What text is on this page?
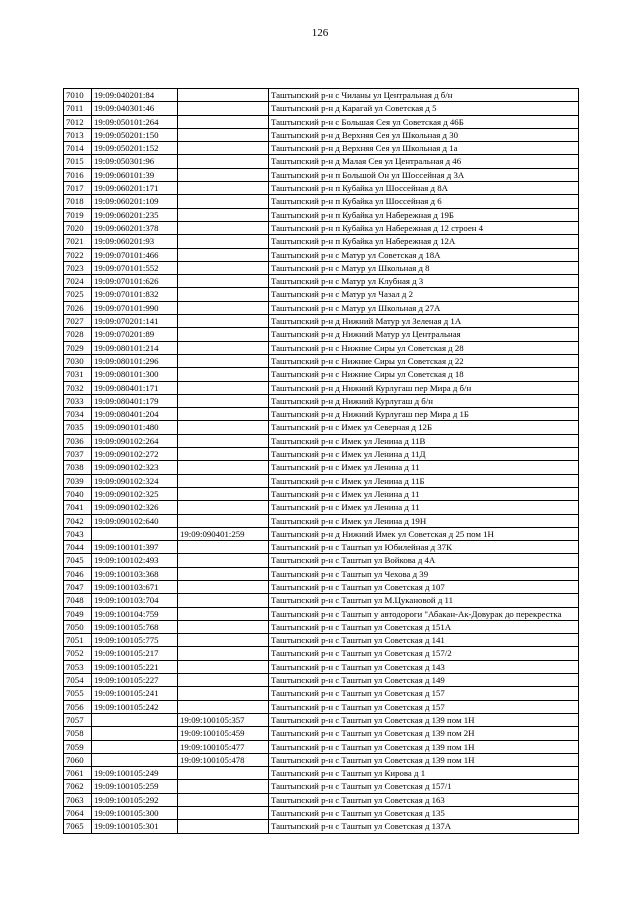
126
7010	19:09:040201:84		Таштыпский р-н с Чиланы ул Центральная д б/н
7011	19:09:040301:46		Таштыпский р-н д Карагай ул Советская д 5
7012	19:09:050101:264		Таштыпский р-н с Большая Сея ул Советская д 46Б
7013	19:09:050201:150		Таштыпский р-н д Верхняя Сея ул Школьная д 30
7014	19:09:050201:152		Таштыпский р-н д Верхняя Сея ул Школьная д 1а
7015	19:09:050301:96		Таштыпский р-н д Малая Сея ул Центральная д 46
7016	19:09:060101:39		Таштыпский р-н п Большой Он ул Шоссейная д 3А
7017	19:09:060201:171		Таштыпский р-н п Кубайка ул Шоссейная д 8А
7018	19:09:060201:109		Таштыпский р-н п Кубайка ул Шоссейная д 6
7019	19:09:060201:235		Таштыпский р-н п Кубайка ул Набережная д 19Б
7020	19:09:060201:378		Таштыпский р-н п Кубайка ул Набережная д 12 строен 4
7021	19:09:060201:93		Таштыпский р-н п Кубайка ул Набережная д 12А
7022	19:09:070101:466		Таштыпский р-н с Матур ул Советская д 18А
7023	19:09:070101:552		Таштыпский р-н с Матур ул Школьная д 8
7024	19:09:070101:626		Таштыпский р-н с Матур ул Клубная д 3
7025	19:09:070101:832		Таштыпский р-н с Матур ул Чазал д 2
7026	19:09:070101:990		Таштыпский р-н с Матур ул Школьная д 27А
7027	19:09:070201:141		Таштыпский р-н д Нижний Матур ул Зеленая д 1А
7028	19:09:070201:89		Таштыпский р-н д Нижний Матур ул Центральная
7029	19:09:080101:214		Таштыпский р-н с Нижние Сиры ул Советская д 28
7030	19:09:080101:296		Таштыпский р-н с Нижние Сиры ул Советская д 22
7031	19:09:080101:300		Таштыпский р-н с Нижние Сиры ул Советская д 18
7032	19:09:080401:171		Таштыпский р-н д Нижний Курлугаш пер Мира д б/н
7033	19:09:080401:179		Таштыпский р-н д Нижний Курлугаш д б/н
7034	19:09:080401:204		Таштыпский р-н д Нижний Курлугаш пер Мира д 1Б
7035	19:09:090101:480		Таштыпский р-н с Имек ул Северная д 12Б
7036	19:09:090102:264		Таштыпский р-н с Имек ул Ленина д 11В
7037	19:09:090102:272		Таштыпский р-н с Имек ул Ленина д 11Д
7038	19:09:090102:323		Таштыпский р-н с Имек ул Ленина д 11
7039	19:09:090102:324		Таштыпский р-н с Имек ул Ленина д 11Б
7040	19:09:090102:325		Таштыпский р-н с Имек ул Ленина д 11
7041	19:09:090102:326		Таштыпский р-н с Имек ул Ленина д 11
7042	19:09:090102:640		Таштыпский р-н с Имек ул Ленина д 19Н
7043		19:09:090401:259	Таштыпский р-н д Нижний Имек ул Советская д 25 пом 1Н
7044	19:09:100101:397		Таштыпский р-н с Таштып ул Юбилейная д 37К
7045	19:09:100102:493		Таштыпский р-н с Таштып ул Войкова д 4А
7046	19:09:100103:368		Таштыпский р-н с Таштып ул Чехова д 39
7047	19:09:100103:671		Таштыпский р-н с Таштып ул Советская д 107
7048	19:09:100103:704		Таштыпский р-н с Таштып ул М.Цукановой д 11
7049	19:09:100104:759		Таштыпский р-н с Таштып у автодороги "Абакан-Ак-Довурак до перекрестка
7050	19:09:100105:768		Таштыпский р-н с Таштып ул Советская д 151А
7051	19:09:100105:775		Таштыпский р-н с Таштып ул Советская д 141
7052	19:09:100105:217		Таштыпский р-н с Таштып ул Советская д 157/2
7053	19:09:100105:221		Таштыпский р-н с Таштып ул Советская д 143
7054	19:09:100105:227		Таштыпский р-н с Таштып ул Советская д 149
7055	19:09:100105:241		Таштыпский р-н с Таштып ул Советская д 157
7056	19:09:100105:242		Таштыпский р-н с Таштып ул Советская д 157
7057		19:09:100105:357	Таштыпский р-н с Таштып ул Советская д 139 пом 1Н
7058		19:09:100105:459	Таштыпский р-н с Таштып ул Советская д 139 пом 2Н
7059		19:09:100105:477	Таштыпский р-н с Таштып ул Советская д 139 пом 1Н
7060		19:09:100105:478	Таштыпский р-н с Таштып ул Советская д 139 пом 1Н
7061	19:09:100105:249		Таштыпский р-н с Таштып ул Кирова д 1
7062	19:09:100105:259		Таштыпский р-н с Таштып ул Советская д 157/1
7063	19:09:100105:292		Таштыпский р-н с Таштып ул Советская д 163
7064	19:09:100105:300		Таштыпский р-н с Таштып ул Советская д 135
7065	19:09:100105:301		Таштыпский р-н с Таштып ул Советская д 137А
